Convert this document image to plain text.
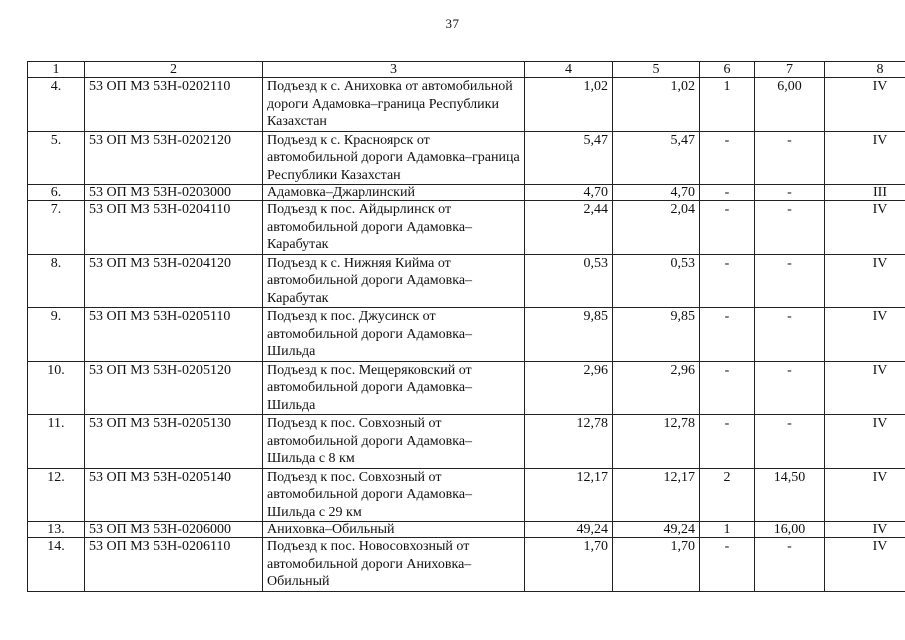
37
1	2	3	4	5	6	7	8
4.	53 ОП МЗ 53Н-0202110	Подъезд к с. Аниховка от автомобильной дороги Адамовка–граница Республики Казахстан	1,02	1,02	1	6,00	IV
5.	53 ОП МЗ 53Н-0202120	Подъезд к с. Красноярск от автомобильной дороги Адамовка–граница Республики Казахстан	5,47	5,47	-	-	IV
6.	53 ОП МЗ 53Н-0203000	Адамовка–Джарлинский	4,70	4,70	-	-	III
7.	53 ОП МЗ 53Н-0204110	Подъезд к пос. Айдырлинск от автомобильной дороги Адамовка–Карабутак	2,44	2,04	-	-	IV
8.	53 ОП МЗ 53Н-0204120	Подъезд к с. Нижняя Кийма от автомобильной дороги Адамовка–Карабутак	0,53	0,53	-	-	IV
9.	53 ОП МЗ 53Н-0205110	Подъезд к пос. Джусинск от автомобильной дороги Адамовка–Шильда	9,85	9,85	-	-	IV
10.	53 ОП МЗ 53Н-0205120	Подъезд к пос. Мещеряковский от автомобильной дороги Адамовка–Шильда	2,96	2,96	-	-	IV
11.	53 ОП МЗ 53Н-0205130	Подъезд к пос. Совхозный от автомобильной дороги Адамовка–Шильда с 8 км	12,78	12,78	-	-	IV
12.	53 ОП МЗ 53Н-0205140	Подъезд к пос. Совхозный от автомобильной дороги Адамовка–Шильда с 29 км	12,17	12,17	2	14,50	IV
13.	53 ОП МЗ 53Н-0206000	Аниховка–Обильный	49,24	49,24	1	16,00	IV
14.	53 ОП МЗ 53Н-0206110	Подъезд к пос. Новосовхозный от автомобильной дороги Аниховка–Обильный	1,70	1,70	-	-	IV
